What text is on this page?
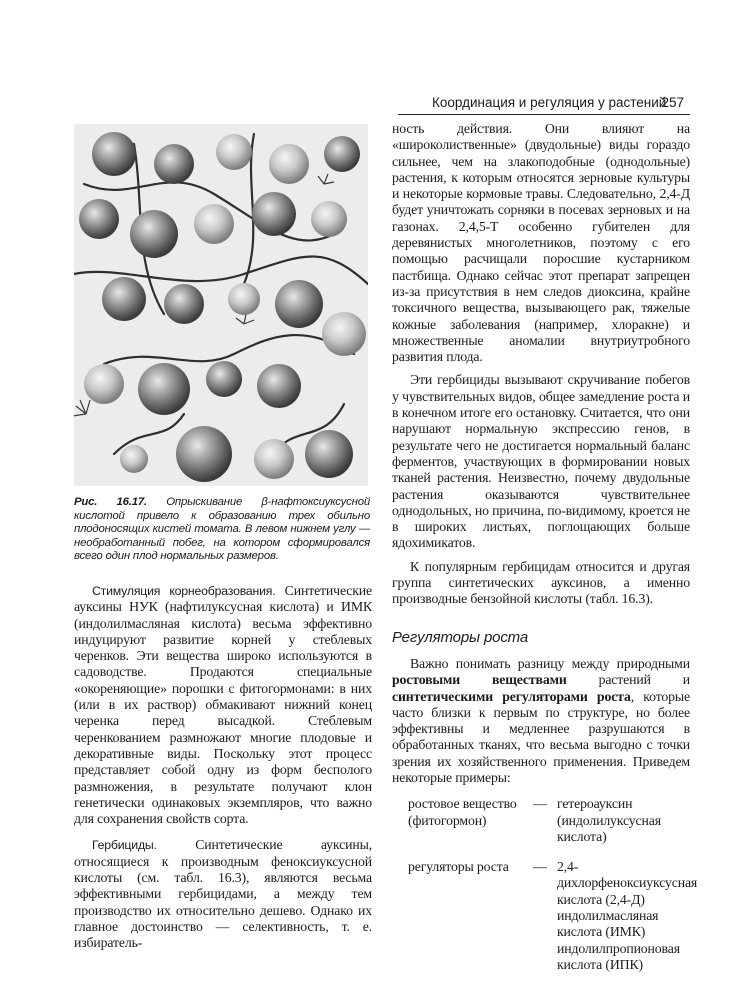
Координация и регуляция у растений
257
Рис. 16.17. Опрыскивание β-нафтоксиуксусной кислотой привело к образованию трех обильно плодоносящих кистей томата. В левом нижнем углу — необработанный побег, на котором сформировался всего один плод нормальных размеров.

Стимуляция корнеобразования. Синтетические ауксины НУК (нафтилуксусная кислота) и ИМК (индолилмасляная кислота) весьма эффективно индуцируют развитие корней у стеблевых черенков. Эти вещества широко используются в садоводстве. Продаются специальные «окореняющие» порошки с фитогормонами: в них (или в их раствор) обмакивают нижний конец черенка перед высадкой. Стеблевым черенкованием размножают многие плодовые и декоративные виды. Поскольку этот процесс представляет собой одну из форм бесполого размножения, в результате получают клон генетически одинаковых экземпляров, что важно для сохранения свойств сорта.

Гербициды.	Синтетические ауксины, относящиеся к производным феноксиуксусной кислоты (см. табл. 16.3), являются весьма эффективными гербицидами, а между тем производство их относительно дешево. Однако их главное достоинство — селективность, т. е. избиратель-

ность действия. Они влияют на «широколиственные» (двудольные) виды гораздо сильнее, чем на злакоподобные (однодольные) растения, к которым относятся зерновые культуры и некоторые кормовые травы. Следовательно, 2,4-Д будет уничтожать сорняки в посевах зерновых и на газонах. 2,4,5-Т особенно губителен для деревянистых многолетников, поэтому с его помощью расчищали поросшие кустарником пастбища. Однако сейчас этот препарат запрещен из-за присутствия в нем следов диоксина, крайне токсичного вещества, вызывающего рак, тяжелые кожные заболевания (например, хлоракне) и множественные аномалии внутриутробного развития плода.

Эти гербициды вызывают скручивание побегов у чувствительных видов, общее замедление роста и в конечном итоге его остановку. Считается, что они нарушают нормальную экспрессию генов, в результате чего не достигается нормальный баланс ферментов, участвующих в формировании новых тканей растения. Неизвестно, почему двудольные растения оказываются чувствительнее однодольных, но причина, по-видимому, кроется не в широких листьях, поглощающих больше ядохимикатов.

К популярным гербицидам относится и другая группа синтетических ауксинов, а именно производные бензойной кислоты (табл. 16.3).

Регуляторы роста

Важно понимать разницу между природными ростовыми веществами растений и синтетическими регуляторами роста, которые часто близки к первым по структуре, но более эффективны и медленнее разрушаются в обработанных тканях, что весьма выгодно с точки зрения их хозяйственного применения. Приведем некоторые примеры:

ростовое вещество (фитогормон)
— гетероауксин (индолилуксусная кислота)
регуляторы роста	— 2,4-дихлорфеноксиуксусная кислота (2,4-Д) индолилмасляная кислота (ИМК) индолилпропионовая кислота (ИПК)
